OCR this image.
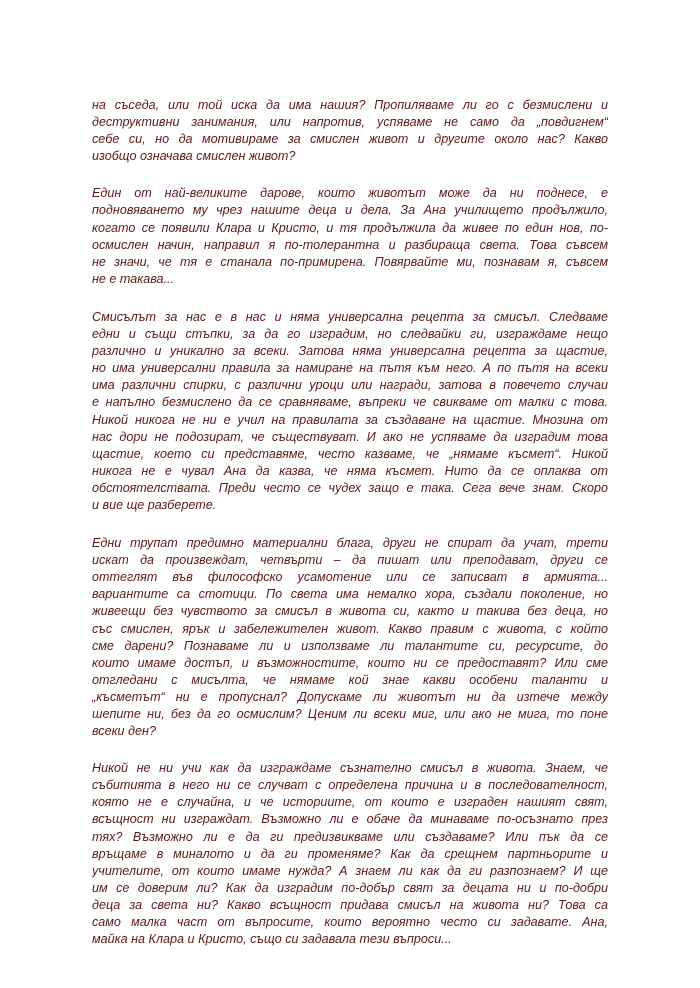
на съседа, или той иска да има нашия? Пропиляваме ли го с безмислени и
деструктивни занимания, или напротив, успяваме не само да „повдигнем“
себе си, но да мотивираме за смислен живот и другите около нас? Какво
изобщо означава смислен живот?

Един от най-великите дарове, които животът може да ни поднесе, е
подновяването му чрез нашите деца и дела. За Ана училището продължило,
когато се появили Клара и Кристо, и тя продължила да живее по един нов, по-
осмислен начин, направил я по-толерантна и разбираща света. Това съвсем
не значи, че тя е станала по-примирена. Повярвайте ми, познавам я, съвсем
не е такава...

Смисълът за нас е в нас и няма универсална рецепта за смисъл. Следваме
едни и същи стъпки, за да го изградим, но следвайки ги, изграждаме нещо
различно и уникално за всеки. Затова няма универсална рецепта за щастие,
но има универсални правила за намиране на пътя към него. А по пътя на всеки
има различни спирки, с различни уроци или награди, затова в повечето случаи
е напълно безмислено да се сравняваме, въпреки че свикваме от малки с това.
Никой никога не ни е учил на правилата за създаване на щастие. Мнозина от
нас дори не подозират, че съществуват. И ако не успяваме да изградим това
щастие, което си представяме, често казваме, че „нямаме късмет“. Никой
никога не е чувал Ана да казва, че няма късмет. Нито да се оплаква от
обстоятелствата. Преди често се чудех защо е така. Сега вече знам. Скоро
и вие ще разберете.

Едни трупат предимно материални блага, други не спират да учат, трети
искат да произвеждат, четвърти – да пишат или преподават, други се
оттеглят във философско усамотение или се записват в армията...
вариантите са стотици. По света има немалко хора, създали поколение, но
живеещи без чувството за смисъл в живота си, както и такива без деца, но
със смислен, ярък и забележителен живот. Какво правим с живота, с който
сме дарени? Познаваме ли и използваме ли талантите си, ресурсите, до
които имаме достъп, и възможностите, които ни се предоставят? Или сме
отгледани с мисълта, че нямаме кой знае какви особени таланти и
„късметът“ ни е пропуснал? Допускаме ли животът ни да изтече между
шепите ни, без да го осмислим? Ценим ли всеки миг, или ако не мига, то поне
всеки ден?

Никой не ни учи как да изграждаме съзнателно смисъл в живота. Знаем, че
събитията в него ни се случват с определена причина и в последователност,
която не е случайна, и че историите, от които е изграден нашият свят,
всъщност ни изграждат. Възможно ли е обаче да минаваме по-осъзнато през
тях? Възможно ли е да ги предизвикваме или създаваме? Или пък да се
връщаме в миналото и да ги променяме? Как да срещнем партньорите и
учителите, от които имаме нужда? А знаем ли как да ги разпознаем? И ще
им се доверим ли? Как да изградим по-добър свят за децата ни и по-добри
деца за света ни? Какво всъщност придава смисъл на живота ни? Това са
само малка част от въпросите, които вероятно често си задавате. Ана,
майка на Клара и Кристо, също си задавала тези въпроси...
